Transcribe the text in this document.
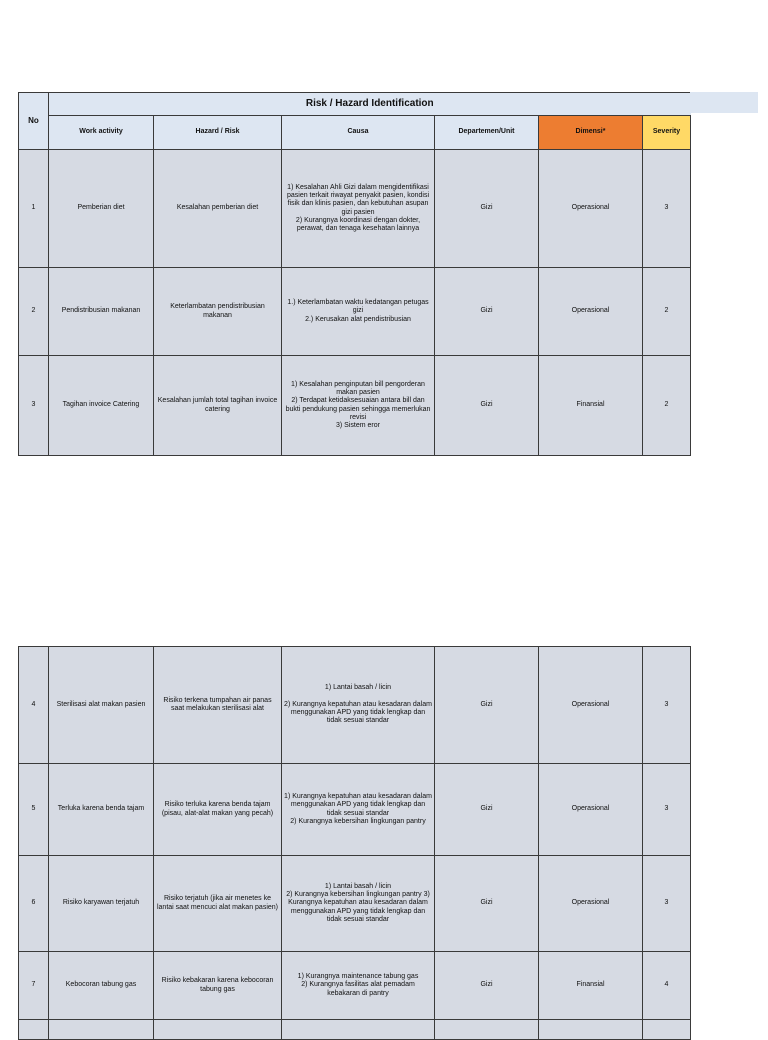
No	Risk / Hazard Identification					
	Work activity	Hazard / Risk	Causa	Departemen/Unit	Dimensi*	Severity
1	Pemberian diet	Kesalahan pemberian diet	1) Kesalahan Ahli Gizi dalam mengidentifikasi pasien terkait riwayat penyakit pasien, kondisi fisik dan klinis pasien, dan kebutuhan asupan gizi pasien
2) Kurangnya koordinasi dengan dokter, perawat, dan tenaga kesehatan lainnya	Gizi	Operasional	3
2	Pendistribusian makanan	Keterlambatan pendistribusian makanan	1.) Keterlambatan waktu kedatangan petugas gizi
2.) Kerusakan alat pendistribusian	Gizi	Operasional	2
3	Tagihan invoice Catering	Kesalahan jumlah total tagihan invoice catering	1) Kesalahan penginputan bill pengorderan makan pasien
2) Terdapat ketidaksesuaian antara bill dan bukti pendukung pasien sehingga memerlukan revisi
3) Sistem eror	Gizi	Finansial	2
4	Sterilisasi alat makan pasien	Risiko terkena tumpahan air panas saat melakukan sterilisasi alat	1) Lantai basah / licin

2) Kurangnya kepatuhan atau kesadaran dalam menggunakan APD yang tidak lengkap dan tidak sesuai standar	Gizi	Operasional	3
5	Terluka karena benda tajam	Risiko terluka karena benda tajam (pisau, alat-alat makan yang pecah)	1) Kurangnya kepatuhan atau kesadaran dalam menggunakan APD yang tidak lengkap dan tidak sesuai standar
2) Kurangnya kebersihan lingkungan pantry	Gizi	Operasional	3
6	Risiko karyawan terjatuh	Risiko terjatuh (jika air menetes ke lantai saat mencuci alat makan pasien)	1) Lantai basah / licin
2) Kurangnya kebersihan lingkungan pantry 3) Kurangnya kepatuhan atau kesadaran dalam menggunakan APD yang tidak lengkap dan tidak sesuai standar	Gizi	Operasional	3
7	Kebocoran tabung gas	Risiko kebakaran karena kebocoran tabung gas	1) Kurangnya maintenance tabung gas
2) Kurangnya fasilitas alat pemadam kebakaran di pantry	Gizi	Finansial	4
